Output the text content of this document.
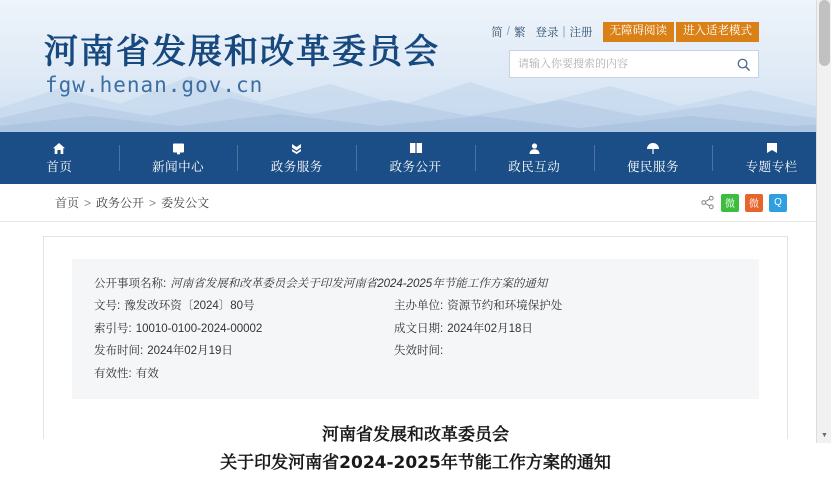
河南省发展和改革委员会
fgw.henan.gov.cn
简 / 繁 登录 | 注册	无障碍阅读	进入适老模式
请输入你要搜索的内容
首页	新闻中心	政务服务	政务公开	政民互动	便民服务	专题专栏
首页 > 政务公开 > 委发公文	微	微	Q
公开事项名称: 河南省发展和改革委员会关于印发河南省2024-2025年节能工作方案的通知
文号: 豫发改环资〔2024〕80号	主办单位: 资源节约和环境保护处
索引号: 10010-0100-2024-00002	成文日期: 2024年02月18日
发布时间: 2024年02月19日	失效时间:
有效性: 有效
河南省发展和改革委员会
关于印发河南省2024-2025年节能工作方案的通知
▼
